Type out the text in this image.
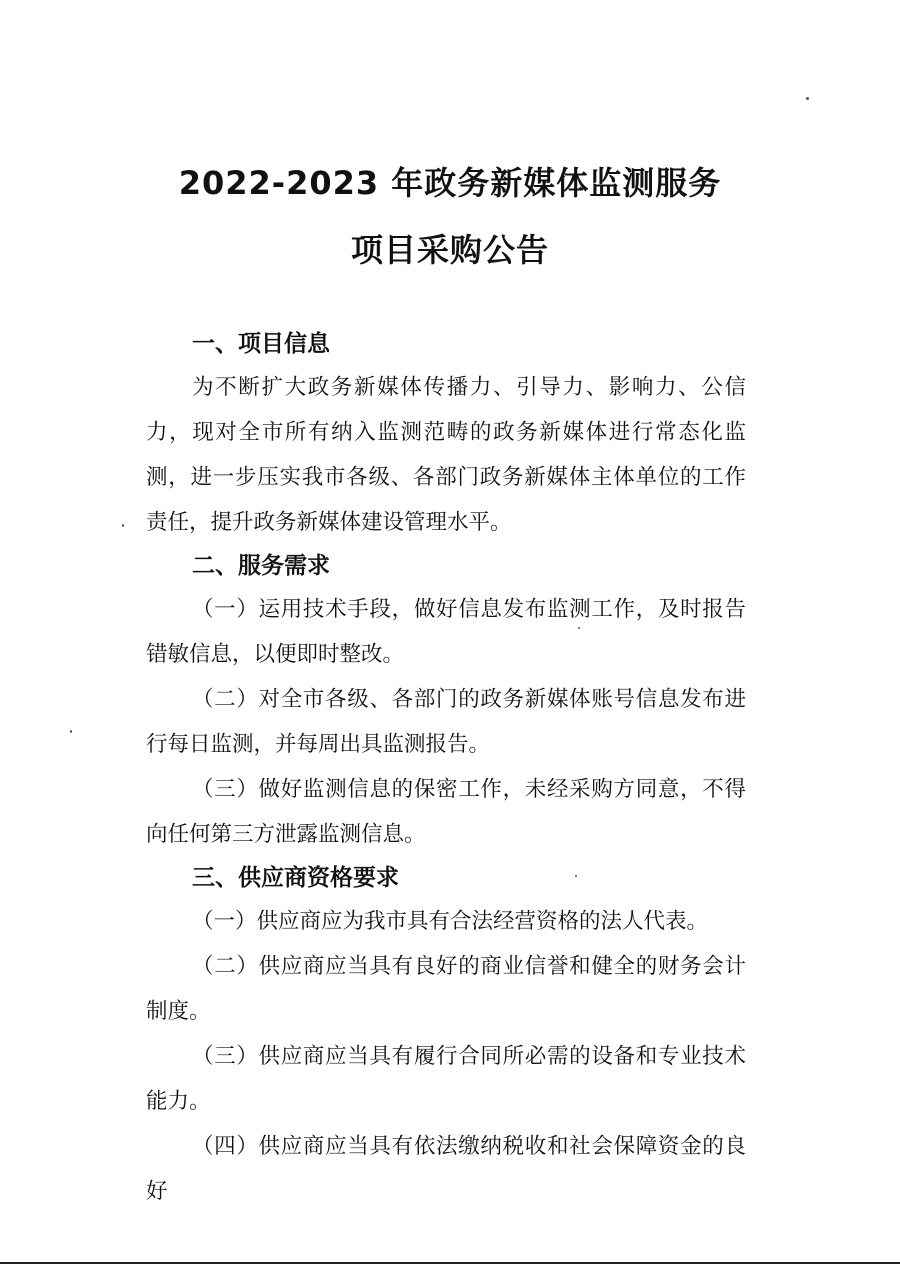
2022-2023 年政务新媒体监测服务
项目采购公告
一、项目信息

为不断扩大政务新媒体传播力、引导力、影响力、公信力，现对全市所有纳入监测范畴的政务新媒体进行常态化监测，进一步压实我市各级、各部门政务新媒体主体单位的工作责任，提升政务新媒体建设管理水平。

二、服务需求

（一）运用技术手段，做好信息发布监测工作，及时报告错敏信息，以便即时整改。

（二）对全市各级、各部门的政务新媒体账号信息发布进行每日监测，并每周出具监测报告。

（三）做好监测信息的保密工作，未经采购方同意，不得向任何第三方泄露监测信息。

三、供应商资格要求

（一）供应商应为我市具有合法经营资格的法人代表。

（二）供应商应当具有良好的商业信誉和健全的财务会计制度。

（三）供应商应当具有履行合同所必需的设备和专业技术能力。

（四）供应商应当具有依法缴纳税收和社会保障资金的良好
